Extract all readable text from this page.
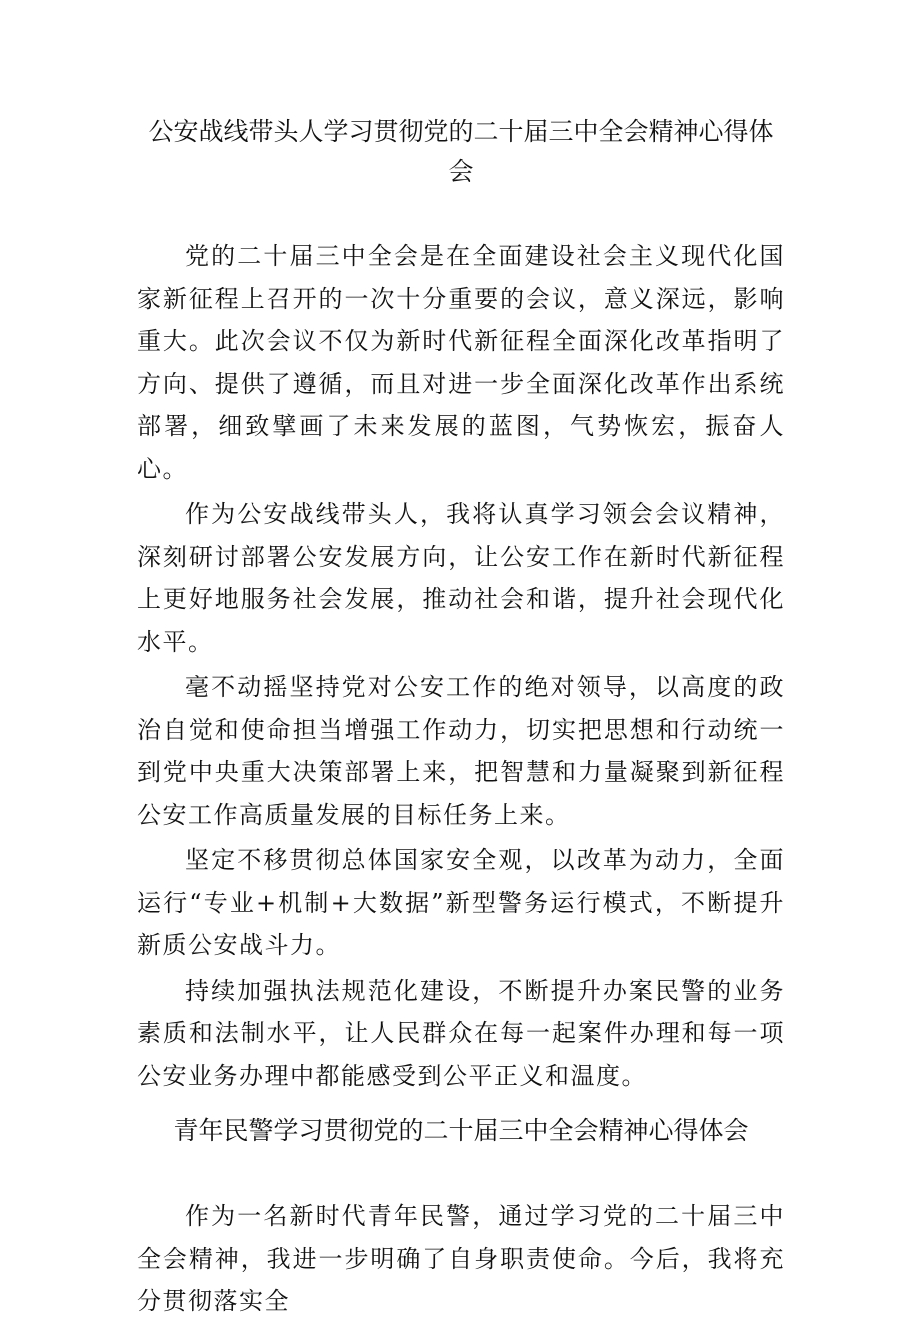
公安战线带头人学习贯彻党的二十届三中全会精神心得体会

党的二十届三中全会是在全面建设社会主义现代化国家新征程上召开的一次十分重要的会议，意义深远，影响重大。此次会议不仅为新时代新征程全面深化改革指明了方向、提供了遵循，而且对进一步全面深化改革作出系统部署，细致擘画了未来发展的蓝图，气势恢宏，振奋人心。

作为公安战线带头人，我将认真学习领会会议精神，深刻研讨部署公安发展方向，让公安工作在新时代新征程上更好地服务社会发展，推动社会和谐，提升社会现代化水平。

毫不动摇坚持党对公安工作的绝对领导，以高度的政治自觉和使命担当增强工作动力，切实把思想和行动统一到党中央重大决策部署上来，把智慧和力量凝聚到新征程公安工作高质量发展的目标任务上来。

坚定不移贯彻总体国家安全观，以改革为动力，全面运行“专业+机制+大数据”新型警务运行模式，不断提升新质公安战斗力。

持续加强执法规范化建设，不断提升办案民警的业务素质和法制水平，让人民群众在每一起案件办理和每一项公安业务办理中都能感受到公平正义和温度。

青年民警学习贯彻党的二十届三中全会精神心得体会

作为一名新时代青年民警，通过学习党的二十届三中全会精神，我进一步明确了自身职责使命。今后，我将充分贯彻落实全
